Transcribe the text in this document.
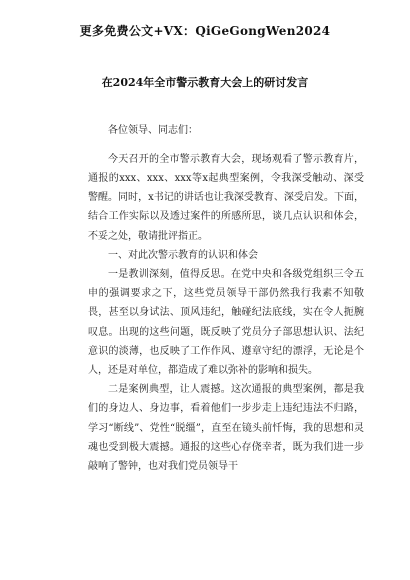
更多免费公文+VX：QiGeGongWen2024
在2024年全市警示教育大会上的研讨发言

各位领导、同志们：

今天召开的全市警示教育大会，现场观看了警示教育片，通报的xxx、xxx、xxx等x起典型案例，令我深受触动、深受警醒。同时，x书记的讲话也让我深受教育、深受启发。下面，结合工作实际以及透过案件的所感所思，谈几点认识和体会，不妥之处，敬请批评指正。

一、对此次警示教育的认识和体会

一是教训深刻，值得反思。在党中央和各级党组织三令五申的强调要求之下，这些党员领导干部仍然我行我素不知敬畏，甚至以身试法、顶风违纪，触碰纪法底线，实在令人扼腕叹息。出现的这些问题，既反映了党员分子部思想认识、法纪意识的淡薄，也反映了工作作风、遵章守纪的漂浮，无论是个人，还是对单位，都造成了难以弥补的影响和损失。

二是案例典型，让人震撼。这次通报的典型案例，都是我们的身边人、身边事，看着他们一步步走上违纪违法不归路，学习“断线”、党性“脱缰”，直至在镜头前忏悔，我的思想和灵魂也受到极大震撼。通报的这些心存侥幸者，既为我们进一步敲响了警钟，也对我们党员领导干
